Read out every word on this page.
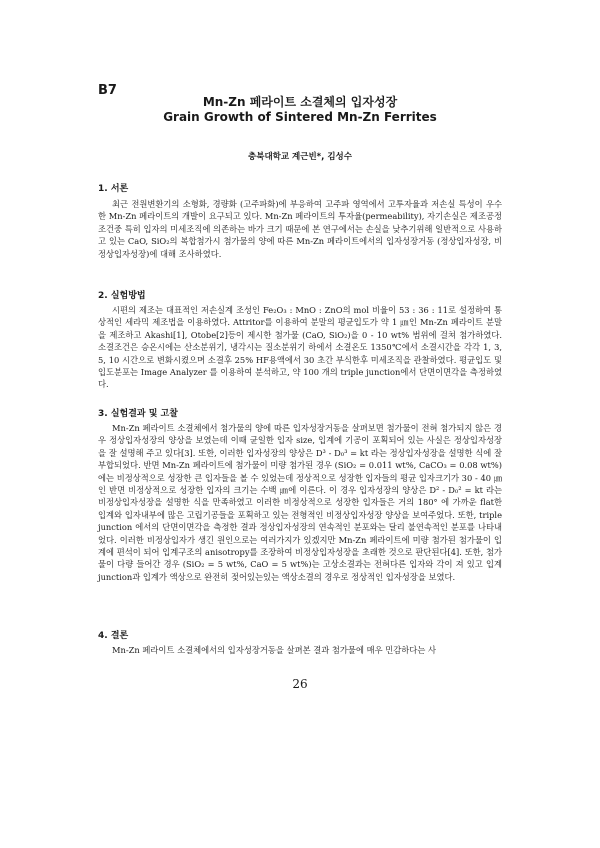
B7
Mn-Zn 페라이트 소결체의 입자성장
Grain Growth of Sintered Mn-Zn Ferrites
충북대학교 계근빈*, 김성수
1. 서론

최근 전원변환기의 소형화, 경량화 (고주파화)에 부응하여 고주파 영역에서 고투자율과 저손실 특성이 우수한 Mn-Zn 페라이트의 개발이 요구되고 있다. Mn-Zn 페라이트의 투자율(permeability), 자기손실은 제조공정 조건중 특히 입자의 미세조직에 의존하는 바가 크기 때문에 본 연구에서는 손실을 낮추기위해 일반적으로 사용하고 있는 CaO, SiO₂의 복합첨가시 첨가물의 양에 따른 Mn-Zn 페라이트에서의 입자성장거동 (정상입자성장, 비정상입자성장)에 대해 조사하였다.

2. 실험방법

시편의 제조는 대표적인 저손실계 조성인 Fe₂O₃ : MnO : ZnO의 mol 비율이 53 : 36 : 11로 설정하여 통상적인 세라믹 제조법을 이용하였다. Attritor를 이용하여 분말의 평균입도가 약 1 ㎛인 Mn-Zn 페라이트 분말을 제조하고 Akashi[1], Otobe[2]등이 제시한 첨가물 (CaO, SiO₂)을 0 - 10 wt% 범위에 걸쳐 첨가하였다. 소결조건은 승온시에는 산소분위기, 냉각시는 질소분위기 하에서 소결온도 1350℃에서 소결시간을 각각 1, 3, 5, 10 시간으로 변화시켰으며 소결후 25% HF용액에서 30 초간 부식한후 미세조직을 관찰하였다. 평균입도 및 입도분포는 Image Analyzer 를 이용하여 분석하고, 약 100 개의 triple junction에서 단면이면각을 측정하였다.

3. 실험결과 및 고찰

Mn-Zn 페라이트 소결체에서 첨가물의 양에 따른 입자성장거동을 살펴보면 첨가물이 전혀 첨가되지 않은 경우 정상입자성장의 양상을 보였는데 이때 균일한 입자 size, 입계에 기공이 포획되어 있는 사실은 정상입자성장을 잘 설명해 주고 있다[3]. 또한, 이러한 입자성장의 양상은 D³ - D₀³ = kt 라는 정상입자성장을 설명한 식에 잘 부합되었다. 반면 Mn-Zn 페라이트에 첨가물이 미량 첨가된 경우 (SiO₂ = 0.011 wt%, CaCO₃ = 0.08 wt%)에는 비정상적으로 성장한 큰 입자들을 볼 수 있었는데 정상적으로 성장한 입자들의 평균 입자크기가 30 - 40 ㎛인 반면 비정상적으로 성장한 입자의 크기는 수백 ㎛에 이른다. 이 경우 입자성장의 양상은 D² - D₀² = kt 라는 비정상입자성장을 설명한 식을 만족하였고 이러한 비정상적으로 성장한 입자들은 거의 180° 에 가까운 flat한 입계와 입자내부에 많은 고립기공들을 포획하고 있는 전형적인 비정상입자성장 양상을 보여주었다. 또한, triple junction 에서의 단면이면각을 측정한 결과 정상입자성장의 연속적인 분포와는 달리 불연속적인 분포를 나타내었다. 이러한 비정상입자가 생긴 원인으로는 여러가지가 있겠지만 Mn-Zn 페라이트에 미량 첨가된 첨가물이 입계에 편석이 되어 입계구조의 anisotropy를 조장하여 비정상입자성장을 초래한 것으로 판단된다[4]. 또한, 첨가물이 다량 들어간 경우 (SiO₂ = 5 wt%, CaO = 5 wt%)는 고상소결과는 전혀다른 입자와 각이 져 있고 입계 junction과 입계가 액상으로 완전히 젖어있는있는 액상소결의 경우로 정상적인 입자성장을 보였다.

4. 결론

Mn-Zn 페라이트 소결체에서의 입자성장거동을 살펴본 결과 첨가물에 매우 민감하다는 사

26
